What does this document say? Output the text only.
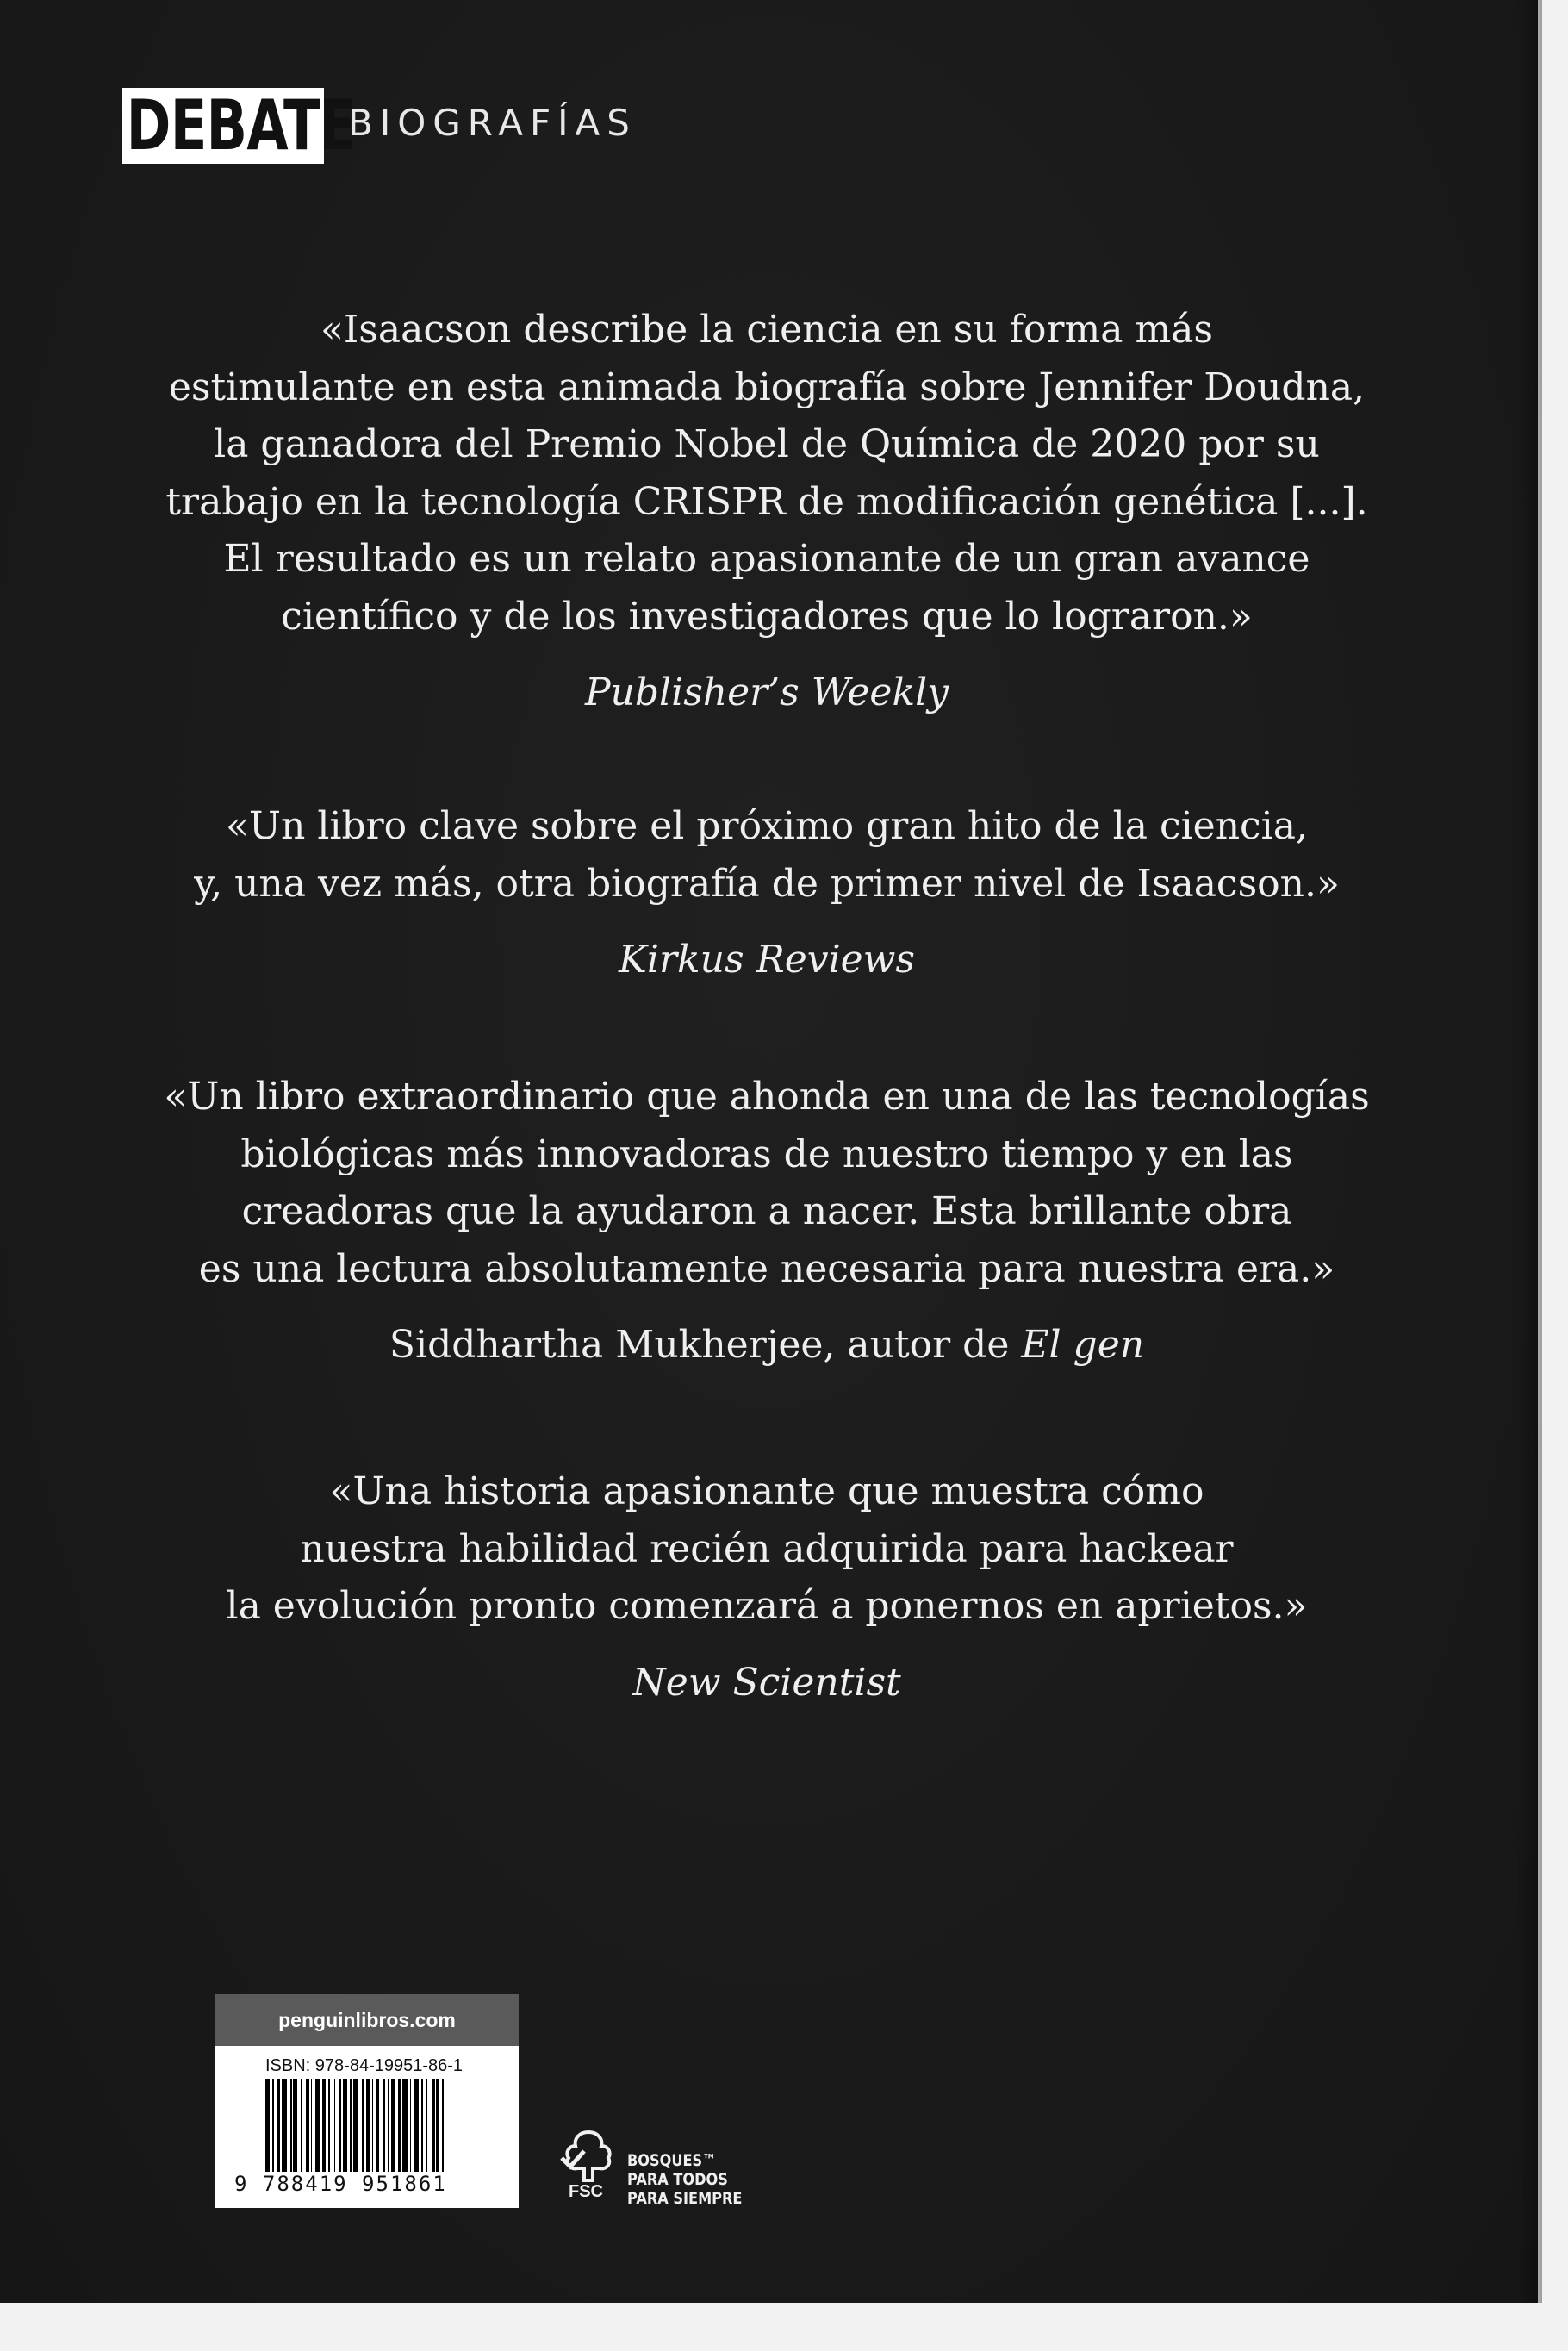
DEBATE
BIOGRAFÍAS

«Isaacson describe la ciencia en su forma más
estimulante en esta animada biografía sobre Jennifer Doudna,
la ganadora del Premio Nobel de Química de 2020 por su
trabajo en la tecnología CRISPR de modificación genética [...].
El resultado es un relato apasionante de un gran avance
científico y de los investigadores que lo lograron.»

Publisher’s Weekly

«Un libro clave sobre el próximo gran hito de la ciencia,
y, una vez más, otra biografía de primer nivel de Isaacson.»

Kirkus Reviews

«Un libro extraordinario que ahonda en una de las tecnologías
biológicas más innovadoras de nuestro tiempo y en las
creadoras que la ayudaron a nacer. Esta brillante obra
es una lectura absolutamente necesaria para nuestra era.»

Siddhartha Mukherjee, autor de El gen

«Una historia apasionante que muestra cómo
nuestra habilidad recién adquirida para hackear
la evolución pronto comenzará a ponernos en aprietos.»

New Scientist
penguinlibros.com
ISBN: 978-84-19951-86-1
9 788419 951861	FSC
BOSQUES™
PARA TODOS
PARA SIEMPRE
